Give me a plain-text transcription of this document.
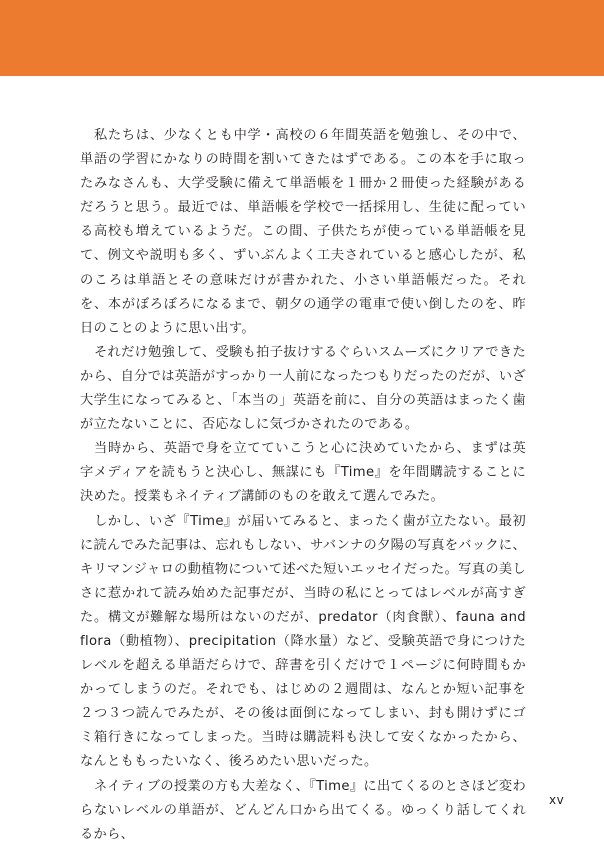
私たちは、少なくとも中学・高校の６年間英語を勉強し、その中で、単語の学習にかなりの時間を割いてきたはずである。この本を手に取ったみなさんも、大学受験に備えて単語帳を１冊か２冊使った経験があるだろうと思う。最近では、単語帳を学校で一括採用し、生徒に配っている高校も増えているようだ。この間、子供たちが使っている単語帳を見て、例文や説明も多く、ずいぶんよく工夫されていると感心したが、私のころは単語とその意味だけが書かれた、小さい単語帳だった。それを、本がぼろぼろになるまで、朝夕の通学の電車で使い倒したのを、昨日のことのように思い出す。

それだけ勉強して、受験も拍子抜けするぐらいスムーズにクリアできたから、自分では英語がすっかり一人前になったつもりだったのだが、いざ大学生になってみると、「本当の」英語を前に、自分の英語はまったく歯が立たないことに、否応なしに気づかされたのである。

当時から、英語で身を立てていこうと心に決めていたから、まずは英字メディアを読もうと決心し、無謀にも『Time』を年間購読することに決めた。授業もネイティブ講師のものを敢えて選んでみた。

しかし、いざ『Time』が届いてみると、まったく歯が立たない。最初に読んでみた記事は、忘れもしない、サバンナの夕陽の写真をバックに、キリマンジャロの動植物について述べた短いエッセイだった。写真の美しさに惹かれて読み始めた記事だが、当時の私にとってはレベルが高すぎた。構文が難解な場所はないのだが、predator（肉食獣）、fauna and flora（動植物）、precipitation（降水量）など、受験英語で身につけたレベルを超える単語だらけで、辞書を引くだけで１ページに何時間もかかってしまうのだ。それでも、はじめの２週間は、なんとか短い記事を２つ３つ読んでみたが、その後は面倒になってしまい、封も開けずにゴミ箱行きになってしまった。当時は購読料も決して安くなかったから、なんとももったいなく、後ろめたい思いだった。

ネイティブの授業の方も大差なく、『Time』に出てくるのとさほど変わらないレベルの単語が、どんどん口から出てくる。ゆっくり話してくれるから、

xv
